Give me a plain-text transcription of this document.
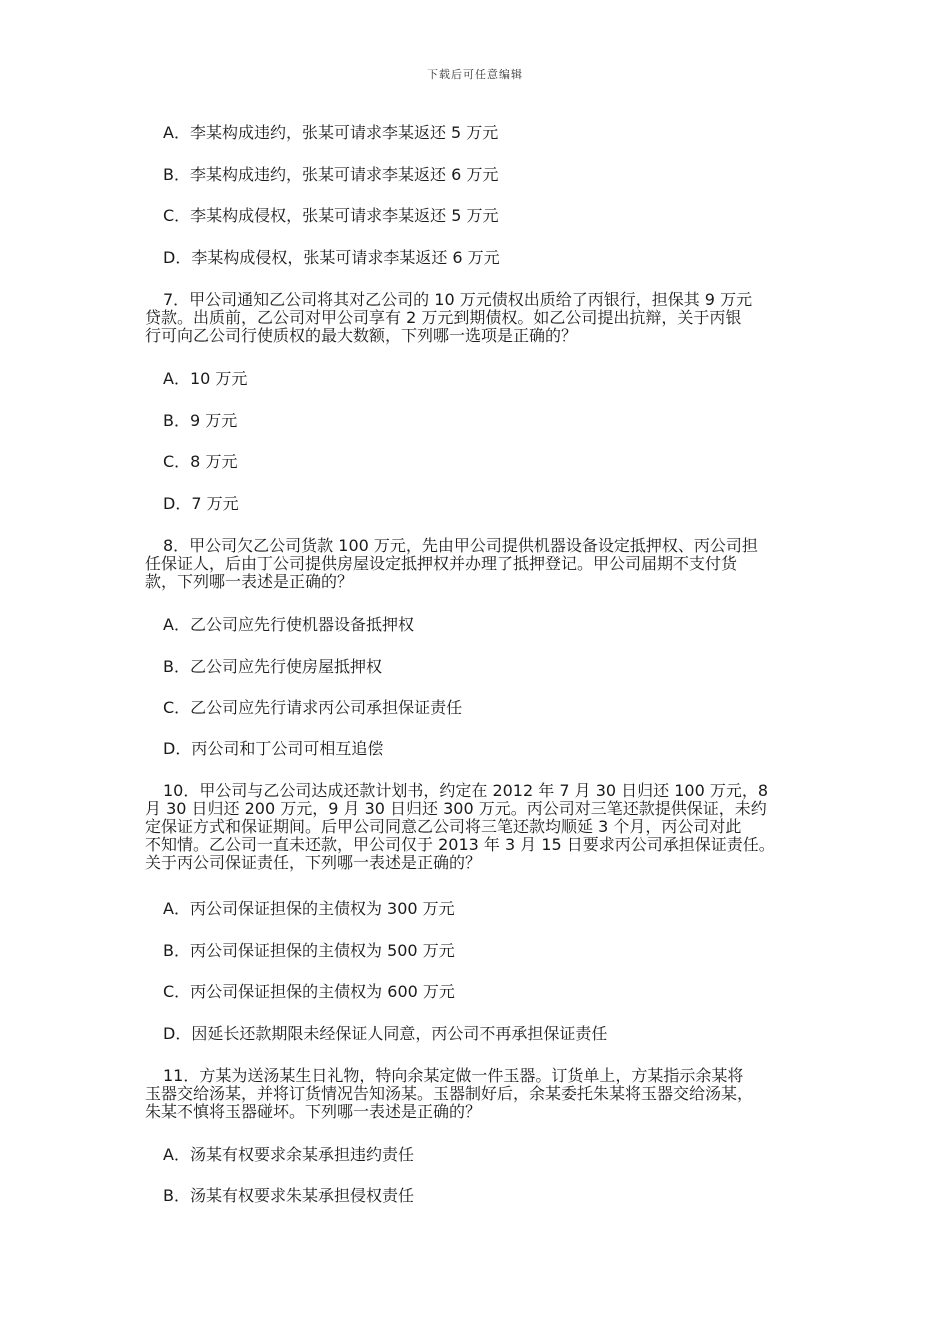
下载后可任意编辑
A．李某构成违约，张某可请求李某返还 5 万元
B．李某构成违约，张某可请求李某返还 6 万元
C．李某构成侵权，张某可请求李某返还 5 万元
D．李某构成侵权，张某可请求李某返还 6 万元
7．甲公司通知乙公司将其对乙公司的 10 万元债权出质给了丙银行，担保其 9 万元
贷款。出质前，乙公司对甲公司享有 2 万元到期债权。如乙公司提出抗辩，关于丙银
行可向乙公司行使质权的最大数额，下列哪一选项是正确的？
A．10 万元
B．9 万元
C．8 万元
D．7 万元
8．甲公司欠乙公司货款 100 万元，先由甲公司提供机器设备设定抵押权、丙公司担
任保证人，后由丁公司提供房屋设定抵押权并办理了抵押登记。甲公司届期不支付货
款，下列哪一表述是正确的？
A．乙公司应先行使机器设备抵押权
B．乙公司应先行使房屋抵押权
C．乙公司应先行请求丙公司承担保证责任
D．丙公司和丁公司可相互追偿
10．甲公司与乙公司达成还款计划书，约定在 2012 年 7 月 30 日归还 100 万元，8
月 30 日归还 200 万元，9 月 30 日归还 300 万元。丙公司对三笔还款提供保证，未约
定保证方式和保证期间。后甲公司同意乙公司将三笔还款均顺延 3 个月，丙公司对此
不知情。乙公司一直未还款，甲公司仅于 2013 年 3 月 15 日要求丙公司承担保证责任。
关于丙公司保证责任，下列哪一表述是正确的？
A．丙公司保证担保的主债权为 300 万元
B．丙公司保证担保的主债权为 500 万元
C．丙公司保证担保的主债权为 600 万元
D．因延长还款期限未经保证人同意，丙公司不再承担保证责任
11．方某为送汤某生日礼物，特向余某定做一件玉器。订货单上，方某指示余某将
玉器交给汤某，并将订货情况告知汤某。玉器制好后，余某委托朱某将玉器交给汤某，
朱某不慎将玉器碰坏。下列哪一表述是正确的？
A．汤某有权要求余某承担违约责任
B．汤某有权要求朱某承担侵权责任
